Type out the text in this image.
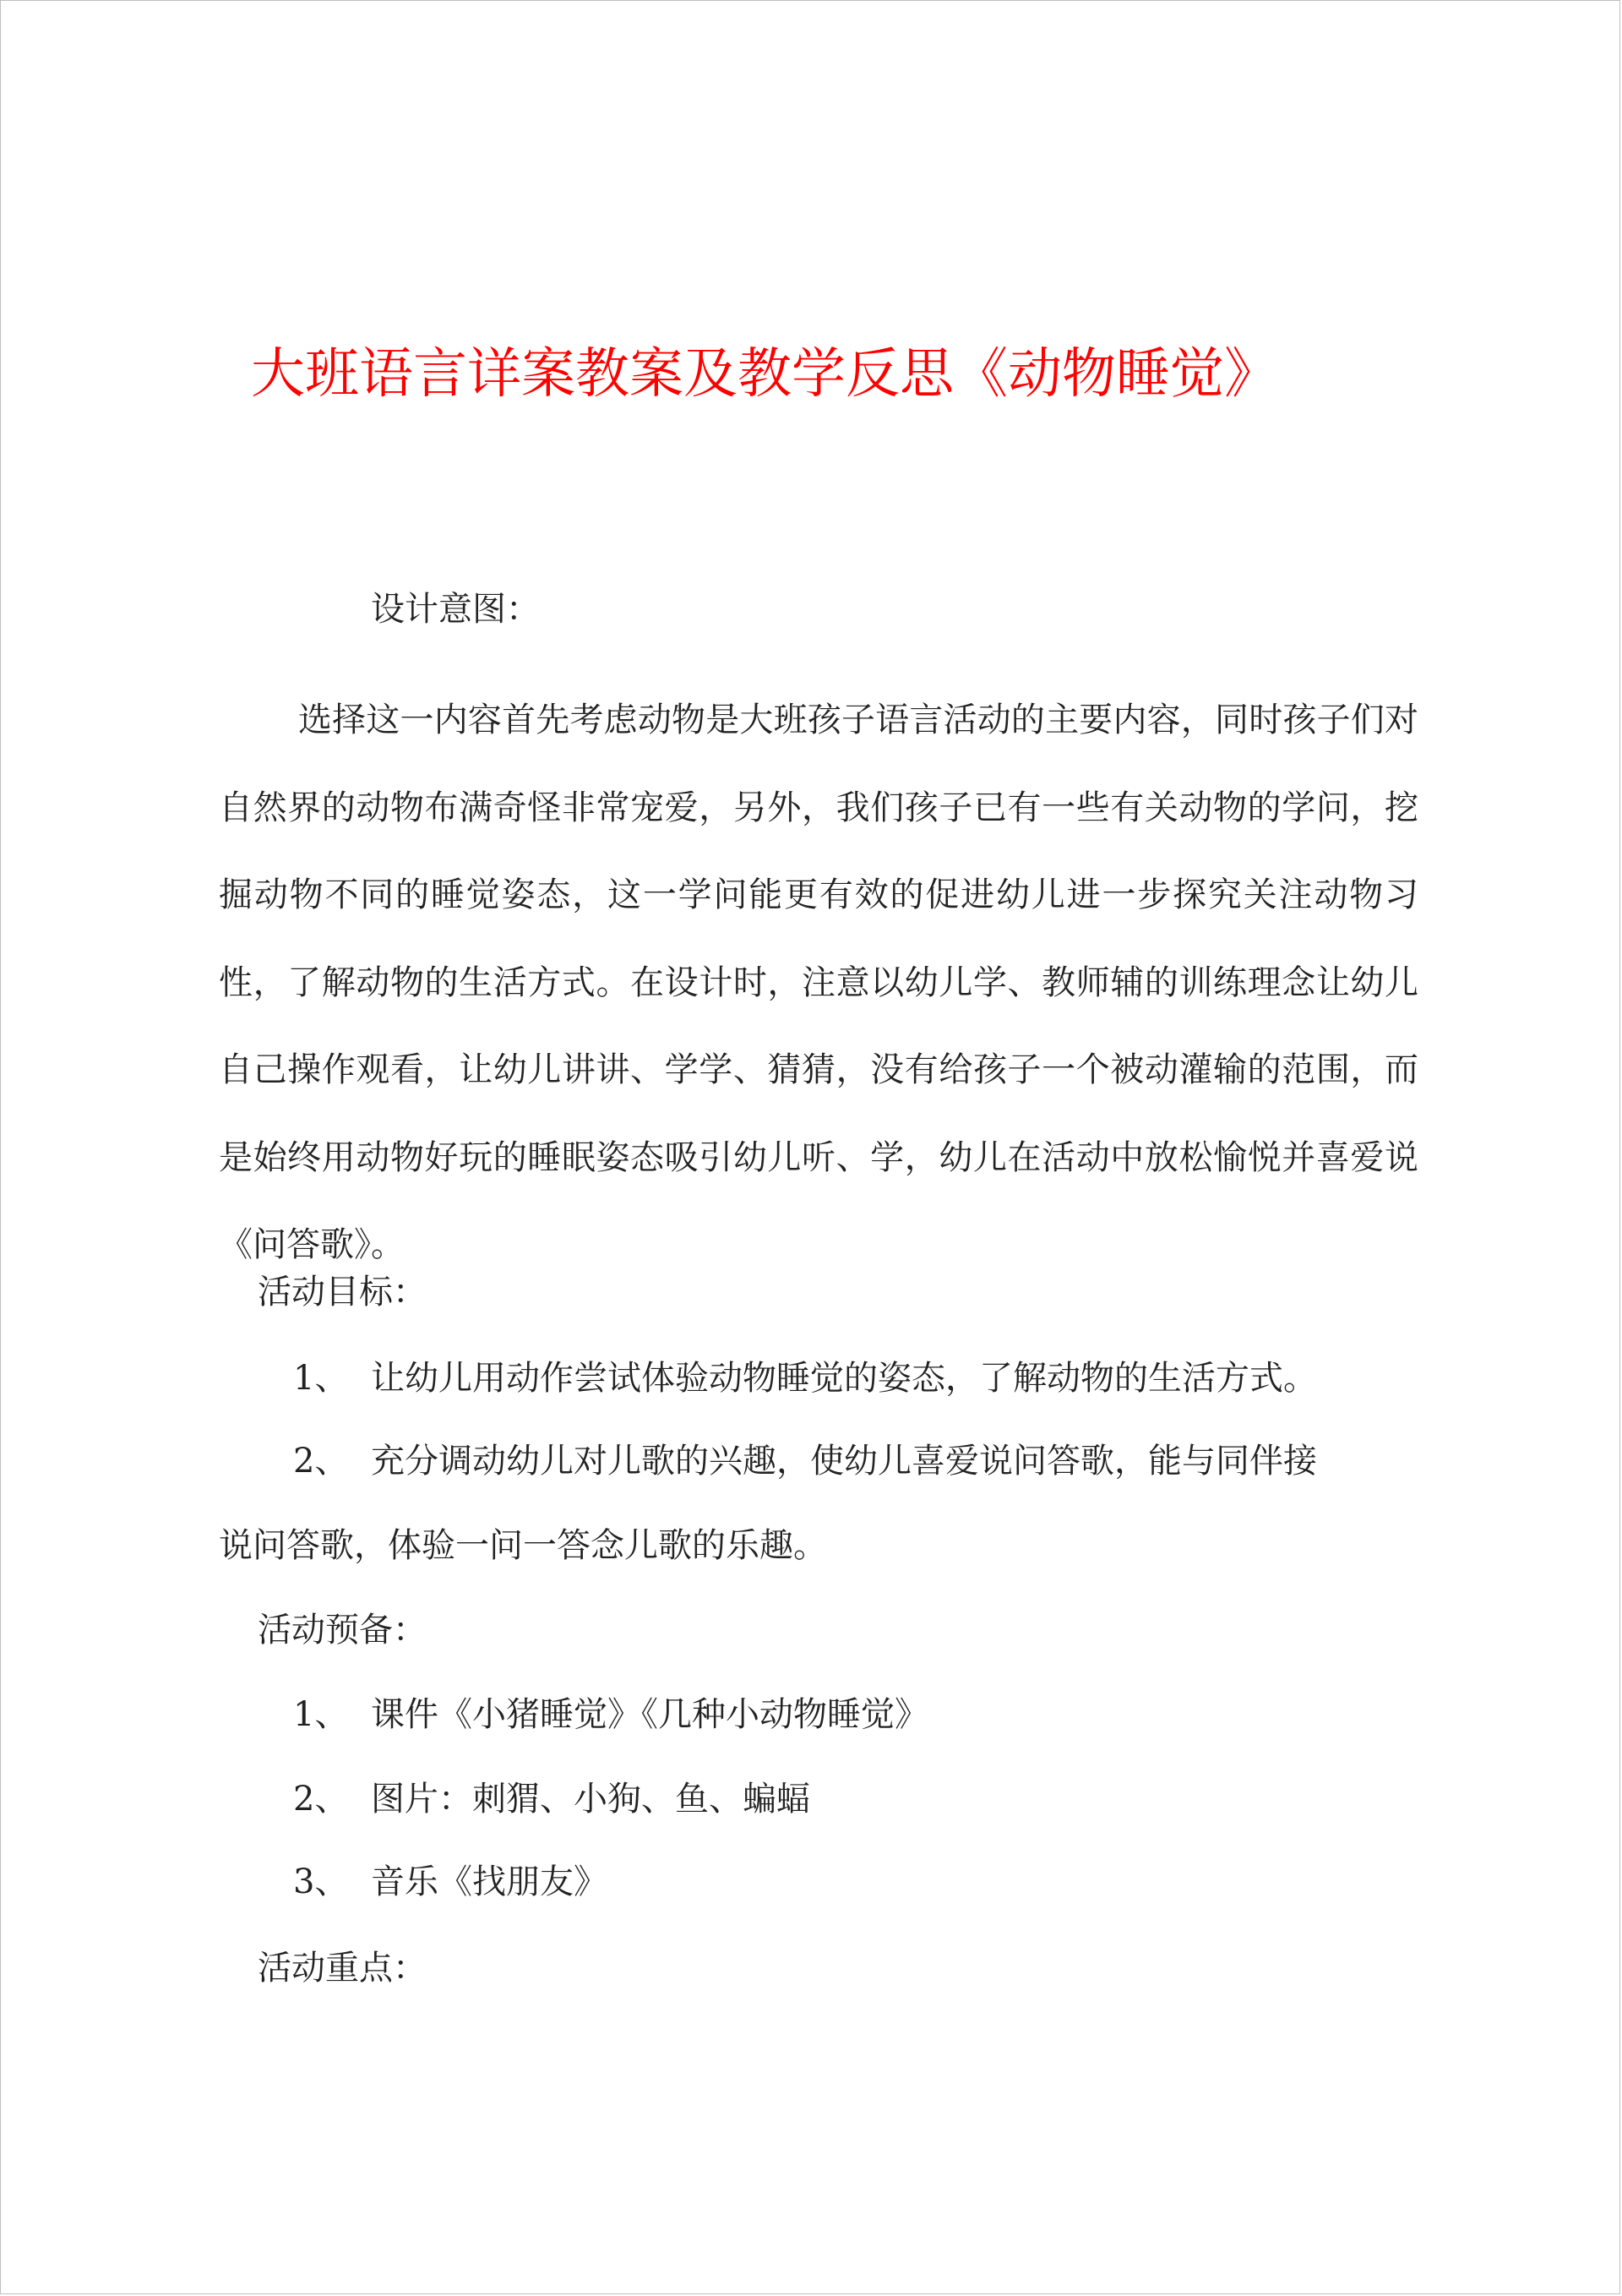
大班语言详案教案及教学反思《动物睡觉》
设计意图：

选择这一内容首先考虑动物是大班孩子语言活动的主要内容，同时孩子们对自然界的动物布满奇怪非常宠爱，另外，我们孩子已有一些有关动物的学问，挖掘动物不同的睡觉姿态，这一学问能更有效的促进幼儿进一步探究关注动物习性，了解动物的生活方式。在设计时，注意以幼儿学、教师辅的训练理念让幼儿自己操作观看，让幼儿讲讲、学学、猜猜，没有给孩子一个被动灌输的范围，而是始终用动物好玩的睡眠姿态吸引幼儿听、学，幼儿在活动中放松愉悦并喜爱说《问答歌》。

活动目标：
1、 让幼儿用动作尝试体验动物睡觉的姿态，了解动物的生活方式。
2、 充分调动幼儿对儿歌的兴趣，使幼儿喜爱说问答歌，能与同伴接
说问答歌，体验一问一答念儿歌的乐趣。
活动预备：
1、 课件《小猪睡觉》《几种小动物睡觉》
2、 图片：刺猬、小狗、鱼、蝙蝠
3、 音乐《找朋友》
活动重点：
